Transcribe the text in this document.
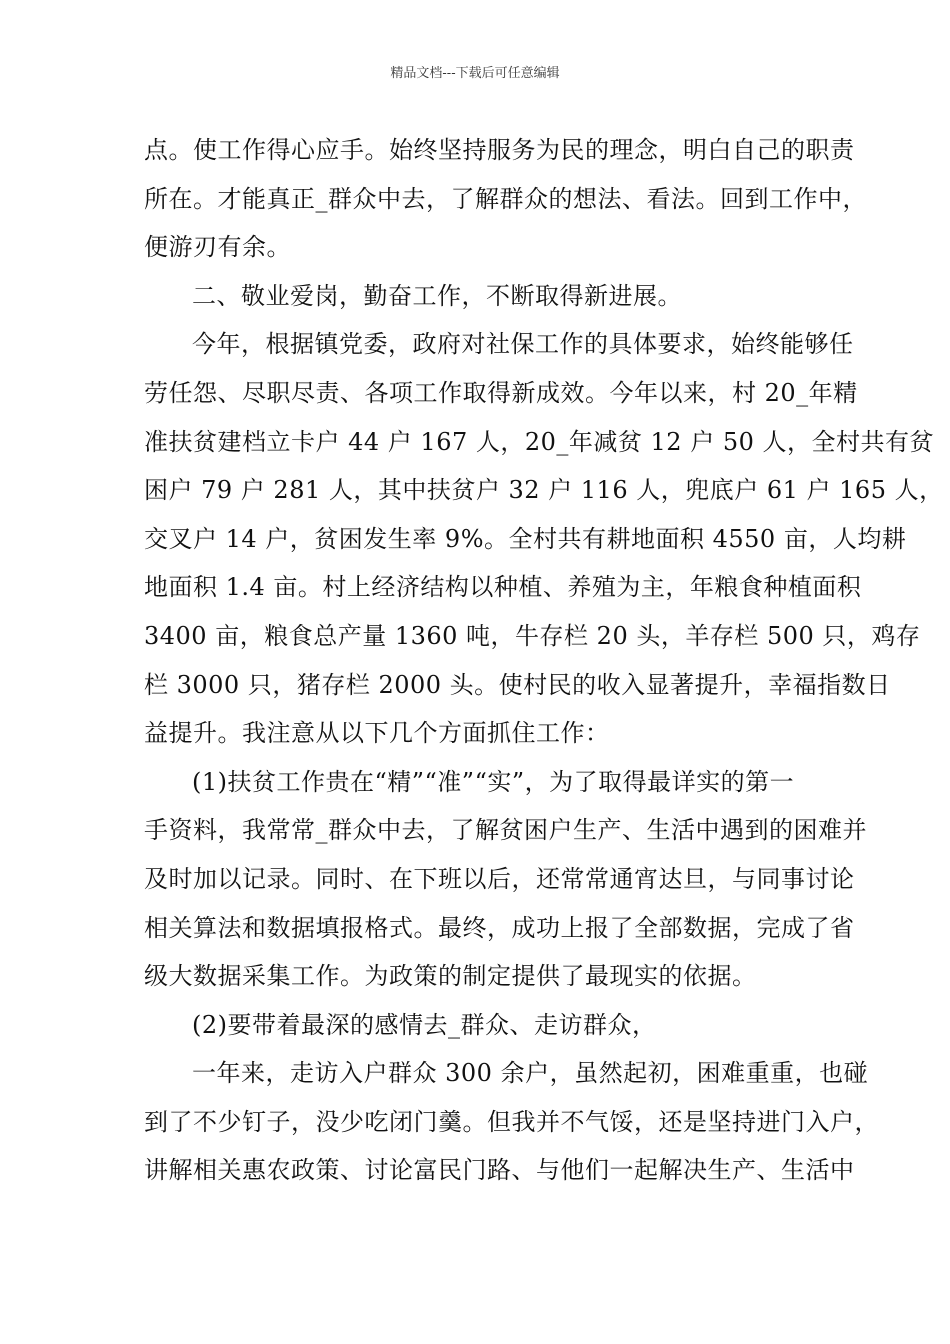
精品文档---下载后可任意编辑

点。使工作得心应手。始终坚持服务为民的理念，明白自己的职责
所在。才能真正_群众中去，了解群众的想法、看法。回到工作中，
便游刃有余。

二、敬业爱岗，勤奋工作，不断取得新进展。

今年，根据镇党委，政府对社保工作的具体要求，始终能够任
劳任怨、尽职尽责、各项工作取得新成效。今年以来，村 20_年精
准扶贫建档立卡户 44 户 167 人，20_年减贫 12 户 50 人，全村共有贫
困户 79 户 281 人，其中扶贫户 32 户 116 人，兜底户 61 户 165 人，
交叉户 14 户，贫困发生率 9%。全村共有耕地面积 4550 亩，人均耕
地面积 1.4 亩。村上经济结构以种植、养殖为主，年粮食种植面积
3400 亩，粮食总产量 1360 吨，牛存栏 20 头，羊存栏 500 只，鸡存
栏 3000 只，猪存栏 2000 头。使村民的收入显著提升，幸福指数日
益提升。我注意从以下几个方面抓住工作：

(1)扶贫工作贵在“精”“准”“实”，为了取得最详实的第一
手资料，我常常_群众中去，了解贫困户生产、生活中遇到的困难并
及时加以记录。同时、在下班以后，还常常通宵达旦，与同事讨论
相关算法和数据填报格式。最终，成功上报了全部数据，完成了省
级大数据采集工作。为政策的制定提供了最现实的依据。

(2)要带着最深的感情去_群众、走访群众，

一年来，走访入户群众 300 余户，虽然起初，困难重重，也碰
到了不少钉子，没少吃闭门羹。但我并不气馁，还是坚持进门入户，
讲解相关惠农政策、讨论富民门路、与他们一起解决生产、生活中
